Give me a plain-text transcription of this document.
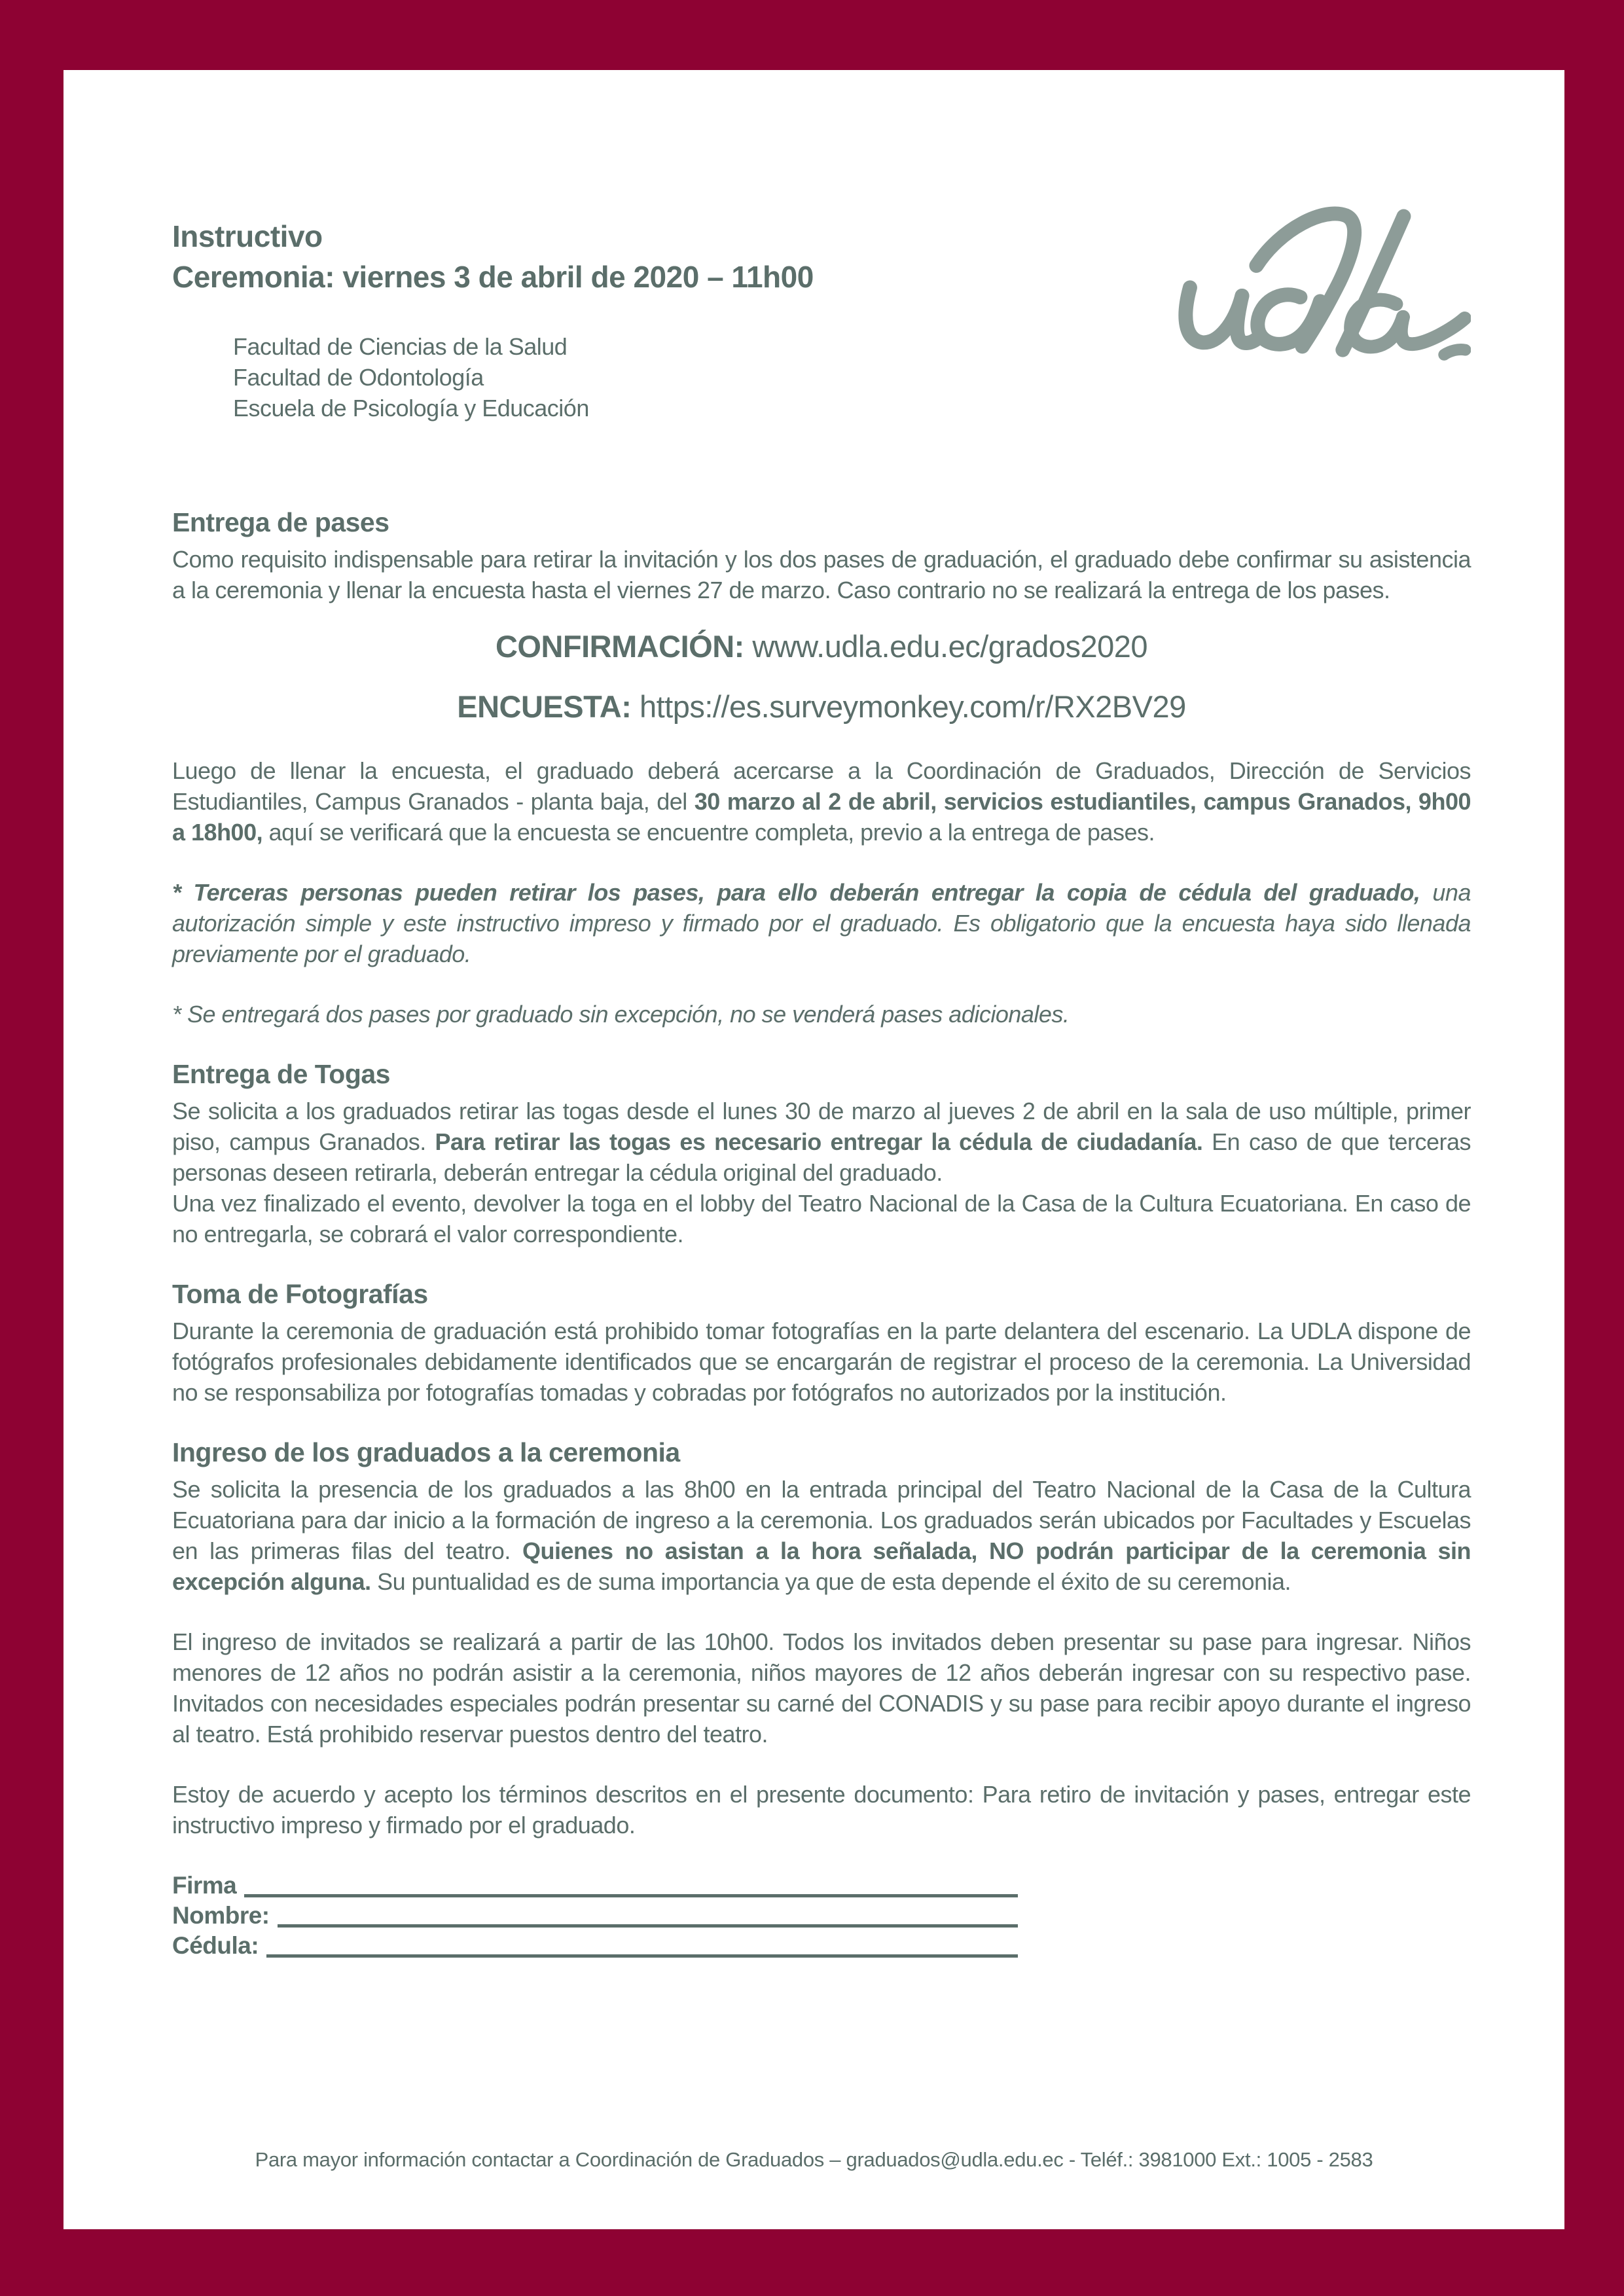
Instructivo
Ceremonia: viernes 3 de abril de 2020 – 11h00
Facultad de Ciencias de la Salud
Facultad de Odontología
Escuela de Psicología y Educación
Entrega de pases
Como requisito indispensable para retirar la invitación y los dos pases de graduación, el graduado debe confirmar su asistencia a la ceremonia y llenar la encuesta hasta el viernes 27 de marzo. Caso contrario no se realizará la entrega de los pases.
CONFIRMACIÓN: www.udla.edu.ec/grados2020
ENCUESTA: https://es.surveymonkey.com/r/RX2BV29
Luego de llenar la encuesta, el graduado deberá acercarse a la Coordinación de Graduados, Dirección de Servicios Estudiantiles, Campus Granados - planta baja, del 30 marzo al 2 de abril, servicios estudiantiles, campus Granados, 9h00 a 18h00, aquí se verificará que la encuesta se encuentre completa, previo a la entrega de pases.
* Terceras personas pueden retirar los pases, para ello deberán entregar la copia de cédula del graduado, una autorización simple y este instructivo impreso y firmado por el graduado. Es obligatorio que la encuesta haya sido llenada previamente por el graduado.
* Se entregará dos pases por graduado sin excepción, no se venderá pases adicionales.
Entrega de Togas
Se solicita a los graduados retirar las togas desde el lunes 30 de marzo al jueves 2 de abril en la sala de uso múltiple, primer piso, campus Granados. Para retirar las togas es necesario entregar la cédula de ciudadanía. En caso de que terceras personas deseen retirarla, deberán entregar la cédula original del graduado.
Una vez finalizado el evento, devolver la toga en el lobby del Teatro Nacional de la Casa de la Cultura Ecuatoriana. En caso de no entregarla, se cobrará el valor correspondiente.
Toma de Fotografías
Durante la ceremonia de graduación está prohibido tomar fotografías en la parte delantera del escenario. La UDLA dispone de fotógrafos profesionales debidamente identificados que se encargarán de registrar el proceso de la ceremonia. La Universidad no se responsabiliza por fotografías tomadas y cobradas por fotógrafos no autorizados por la institución.
Ingreso de los graduados a la ceremonia
Se solicita la presencia de los graduados a las 8h00 en la entrada principal del Teatro Nacional de la Casa de la Cultura Ecuatoriana para dar inicio a la formación de ingreso a la ceremonia. Los graduados serán ubicados por Facultades y Escuelas en las primeras filas del teatro. Quienes no asistan a la hora señalada, NO podrán participar de la ceremonia sin excepción alguna. Su puntualidad es de suma importancia ya que de esta depende el éxito de su ceremonia.
El ingreso de invitados se realizará a partir de las 10h00. Todos los invitados deben presentar su pase para ingresar. Niños menores de 12 años no podrán asistir a la ceremonia, niños mayores de 12 años deberán ingresar con su respectivo pase. Invitados con necesidades especiales podrán presentar su carné del CONADIS y su pase para recibir apoyo durante el ingreso al teatro. Está prohibido reservar puestos dentro del teatro.
Estoy de acuerdo y acepto los términos descritos en el presente documento: Para retiro de invitación y pases, entregar este instructivo impreso y firmado por el graduado.
Firma
Nombre:
Cédula:
Para mayor información contactar a Coordinación de Graduados – graduados@udla.edu.ec - Teléf.: 3981000 Ext.: 1005 - 2583
